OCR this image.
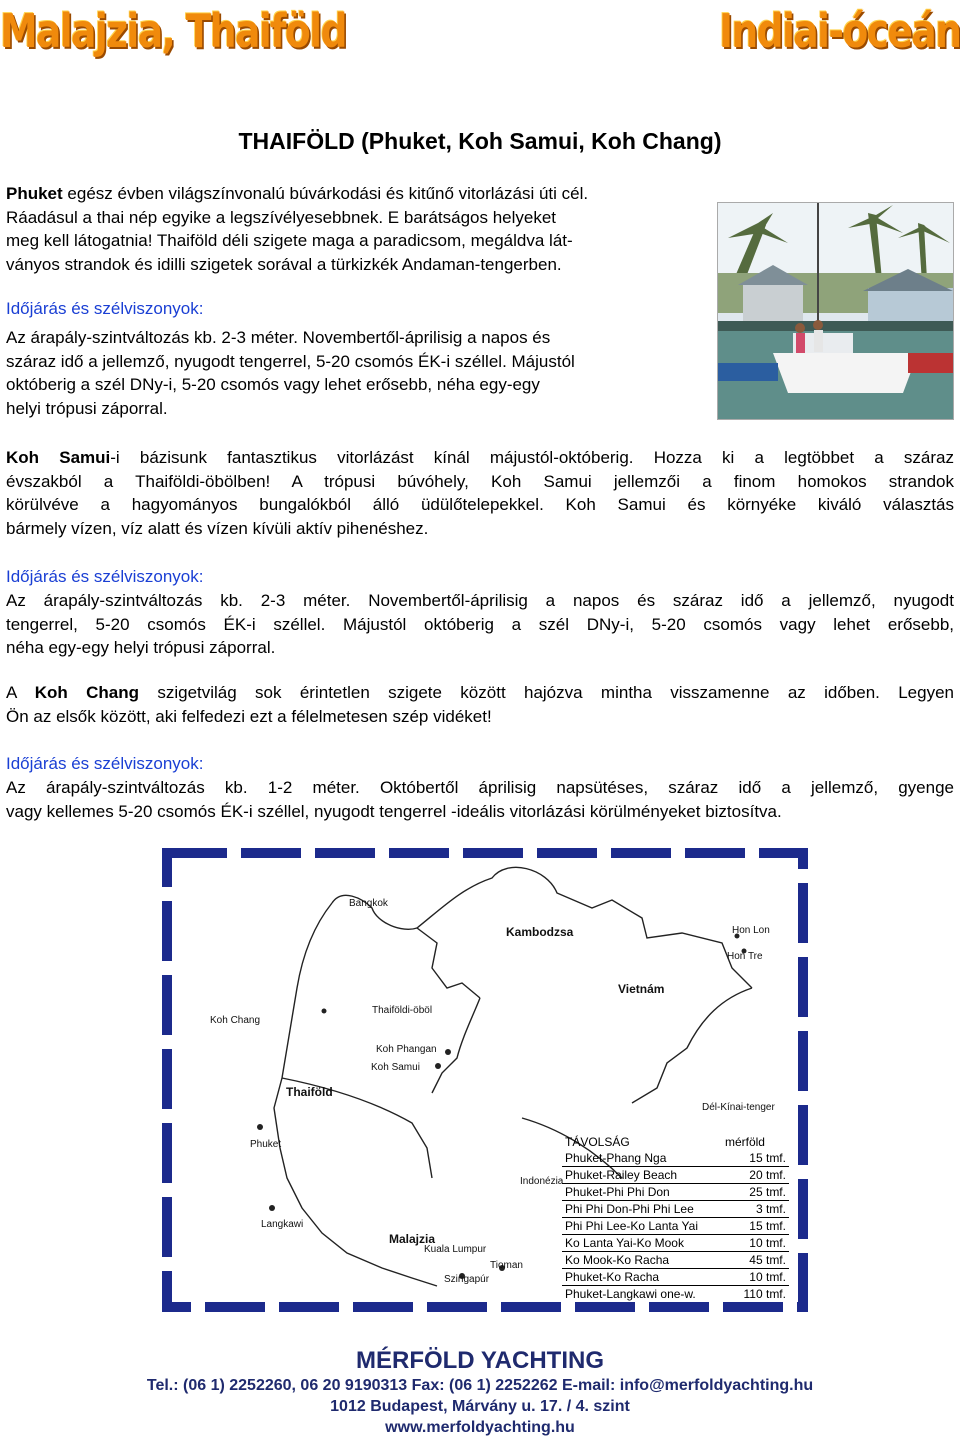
Malajzia, Thaiföld	Indiai-óceán
THAIFÖLD (Phuket, Koh Samui, Koh Chang)
Phuket egész évben világszínvonalú búvárkodási és kitűnő vitorlázási úti cél.
Ráadásul a thai nép egyike a legszívélyesebbnek. E barátságos helyeket
meg kell látogatnia! Thaiföld déli szigete maga a paradicsom, megáldva lát-
ványos strandok és idilli szigetek sorával a türkizkék Andaman-tengerben.
Időjárás és szélviszonyok:
Az árapály-szintváltozás kb. 2-3 méter. Novembertől-áprilisig a napos és
száraz idő a jellemző, nyugodt tengerrel, 5-20 csomós ÉK-i széllel. Májustól
októberig a szél DNy-i, 5-20 csomós vagy lehet erősebb, néha egy-egy
helyi trópusi záporral.
Koh Samui-i bázisunk fantasztikus vitorlázást kínál májustól-októberig. Hozza ki a legtöbbet a száraz
évszakból a Thaiföldi-öbölben! A trópusi búvóhely, Koh Samui jellemzői a finom homokos strandok
körülvéve a hagyományos bungalókból álló üdülőtelepekkel. Koh Samui és környéke kiváló választás
bármely vízen, víz alatt és vízen kívüli aktív pihenéshez.
Időjárás és szélviszonyok:
Az árapály-szintváltozás kb. 2-3 méter. Novembertől-áprilisig a napos és száraz idő a jellemző, nyugodt
tengerrel, 5-20 csomós ÉK-i széllel. Májustól októberig a szél DNy-i, 5-20 csomós vagy lehet erősebb,
néha egy-egy helyi trópusi záporral.
A Koh Chang szigetvilág sok érintetlen szigete között hajózva mintha visszamenne az időben. Legyen
Ön az elsők között, aki felfedezi ezt a félelmetesen szép vidéket!
Időjárás és szélviszonyok:
Az árapály-szintváltozás kb. 1-2 méter. Októbertől áprilisig napsütéses, száraz idő a jellemző, gyenge
vagy kellemes 5-20 csomós ÉK-i széllel, nyugodt tengerrel -ideális vitorlázási körülményeket biztosítva.
Bangkok
Kambodzsa	Hon Lon
Hon Tre
Vietnám
Thaiföldi-öböl
Koh Chang
Koh Phangan
Koh Samui
Thaiföld
Dél-Kínai-tenger
Phuket
Indonézia
Langkawi
Malajzia
Kuala Lumpur
Tioman
Szingapúr
TÁVOLSÁG	mérföld
Phuket-Phang Nga	15 tmf.
Phuket-Railey Beach	20 tmf.
Phuket-Phi Phi Don	25 tmf.
Phi Phi Don-Phi Phi Lee	3 tmf.
Phi Phi Lee-Ko Lanta Yai	15 tmf.
Ko Lanta Yai-Ko Mook	10 tmf.
Ko Mook-Ko Racha	45 tmf.
Phuket-Ko Racha	10 tmf.
Phuket-Langkawi one-w.	110 tmf.
MÉRFÖLD YACHTING
Tel.: (06 1) 2252260, 06 20 9190313 Fax: (06 1) 2252262 E-mail: info@merfoldyachting.hu
1012 Budapest, Márvány u. 17. / 4. szint
www.merfoldyachting.hu
